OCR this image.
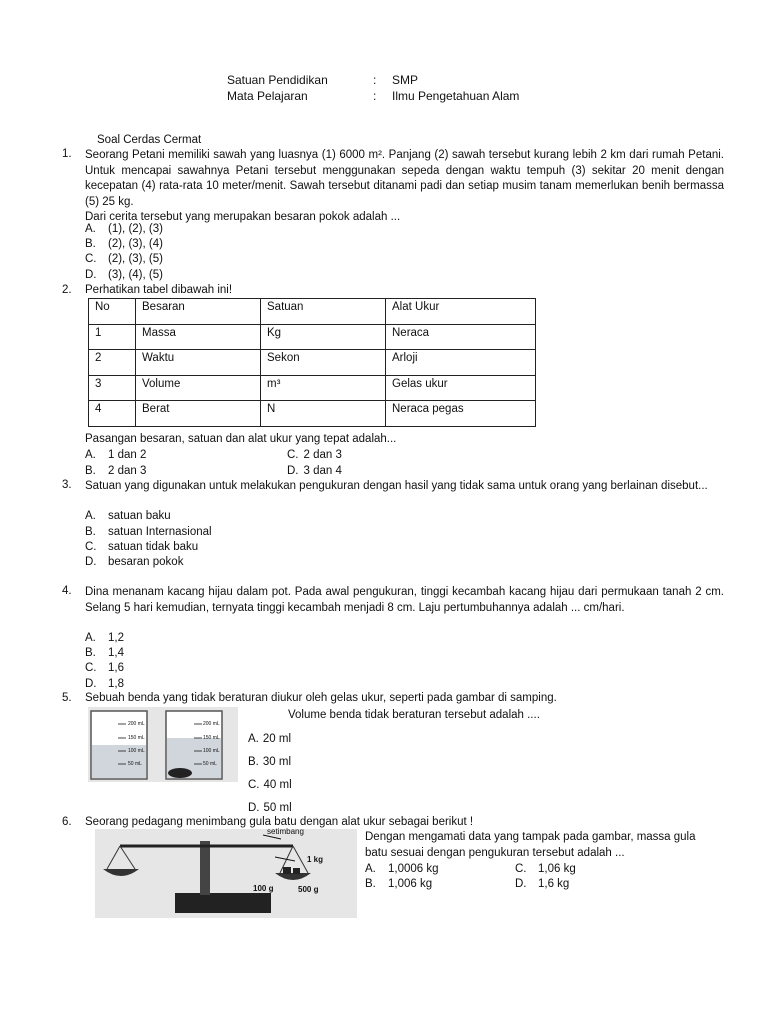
Satuan Pendidikan	: SMP
Mata Pelajaran	: Ilmu Pengetahuan Alam
Soal Cerdas Cermat
1. Seorang Petani memiliki sawah yang luasnya (1) 6000 m². Panjang (2) sawah tersebut kurang lebih 2 km dari rumah Petani. Untuk mencapai sawahnya Petani tersebut menggunakan sepeda dengan waktu tempuh (3) sekitar 20 menit dengan kecepatan (4) rata-rata 10 meter/menit. Sawah tersebut ditanami padi dan setiap musim tanam memerlukan benih bermassa (5) 25 kg.
Dari cerita tersebut yang merupakan besaran pokok adalah ...
A. (1), (2), (3)
B. (2), (3), (4)
C. (2), (3), (5)
D. (3), (4), (5)
2. Perhatikan tabel dibawah ini!
No	Besaran	Satuan	Alat Ukur
1	Massa	Kg	Neraca
2	Waktu	Sekon	Arloji
3	Volume	m³	Gelas ukur
4	Berat	N	Neraca pegas
Pasangan besaran, satuan dan alat ukur yang tepat adalah...
A. 1 dan 2	C. 2 dan 3
B. 2 dan 3	D. 3 dan 4
3. Satuan yang digunakan untuk melakukan pengukuran dengan hasil yang tidak sama untuk orang yang berlainan disebut...
A. satuan baku
B. satuan Internasional
C. satuan tidak baku
D. besaran pokok
4. Dina menanam kacang hijau dalam pot. Pada awal pengukuran, tinggi kecambah kacang hijau dari permukaan tanah 2 cm. Selang 5 hari kemudian, ternyata tinggi kecambah menjadi 8 cm. Laju pertumbuhannya adalah ... cm/hari.
A. 1,2
B. 1,4
C. 1,6
D. 1,8
5. Sebuah benda yang tidak beraturan diukur oleh gelas ukur, seperti pada gambar di samping.
Volume benda tidak beraturan tersebut adalah ....
200 mL
150 mL
100 mL
50 mL
200 mL
150 mL
100 mL
50 mL
A. 20 ml
B. 30 ml
C. 40 ml
D. 50 ml
6. Seorang pedagang menimbang gula batu dengan alat ukur sebagai berikut !
setimbang
1 kg
100 g	500 g
Dengan mengamati data yang tampak pada gambar, massa gula
batu sesuai dengan pengukuran tersebut adalah ...
A. 1,0006 kg	C. 1,06 kg
B. 1,006 kg	D. 1,6 kg
